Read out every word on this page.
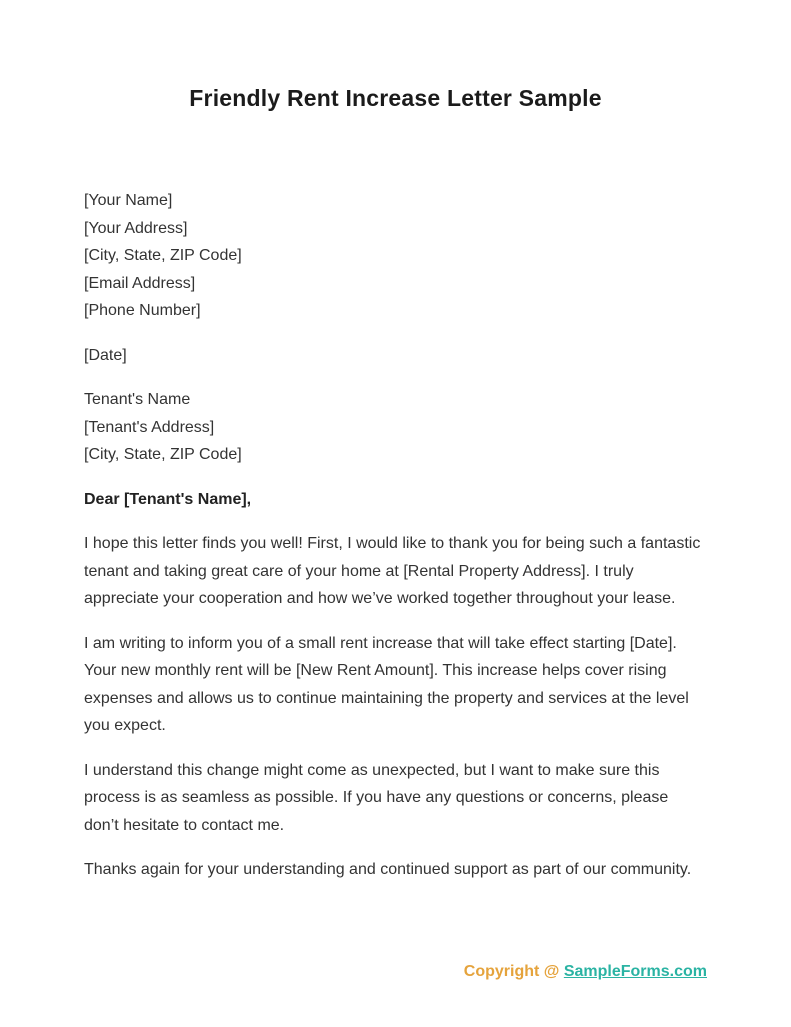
Friendly Rent Increase Letter Sample

[Your Name]
[Your Address]
[City, State, ZIP Code]
[Email Address]
[Phone Number]

[Date]

Tenant's Name
[Tenant's Address]
[City, State, ZIP Code]

Dear [Tenant's Name],

I hope this letter finds you well! First, I would like to thank you for being such a fantastic tenant and taking great care of your home at [Rental Property Address]. I truly appreciate your cooperation and how we’ve worked together throughout your lease.

I am writing to inform you of a small rent increase that will take effect starting [Date]. Your new monthly rent will be [New Rent Amount]. This increase helps cover rising expenses and allows us to continue maintaining the property and services at the level you expect.

I understand this change might come as unexpected, but I want to make sure this process is as seamless as possible. If you have any questions or concerns, please don’t hesitate to contact me.

Thanks again for your understanding and continued support as part of our community.

Copyright @ SampleForms.com
